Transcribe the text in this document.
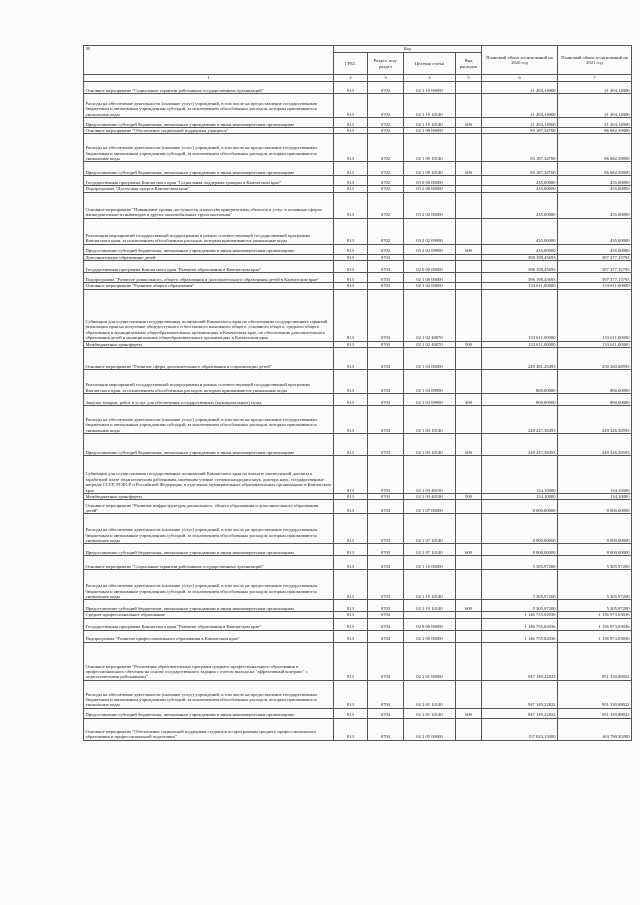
30	Код				Плановый объем ассигнований на 2020 год	Плановый объем ассигнований на 2021 год
	ГРБС	Раздел, под- раздел	Целевая статья	Вид расходов		
1	2	3	4	5	6	7
Основное мероприятие "Социальные гарантии работникам государственных организаций"	813	0702	02 1 10 00000		21 204,14900	21 204,14900
Расходы на обеспечение деятельности (оказание услуг) учреждений, в том числе на предоставление государственным бюджетным и автономным учреждениям субсидий, за исключением обособленных расходов, которым присваиваются уникальные коды	813	0702	02 1 10 10140		21 204,14900	21 204,14900
Предоставление субсидий бюджетным, автономным учреждениям и иным некоммерческим организациям	813	0702	02 1 10 10140	600	21 204,14900	21 204,14900
Основное мероприятие "Обеспечение социальной поддержки учащихся"	813	0702	02 1 09 00000		83 187,34700	86 682,39000
Расходы на обеспечение деятельности (оказание услуг) учреждений, в том числе на предоставление государственным бюджетным и автономным учреждениям субсидий, за исключением обособленных расходов, которым присваиваются уникальные коды	813	0702	02 1 09 10140		83 187,34700	86 682,39000
Предоставление субсидий бюджетным, автономным учреждениям и иным некоммерческим организациям	813	0702	02 1 09 10140	600	83 187,34700	86 682,39000
Государственная программа Камчатского края "Социальная поддержка граждан в Камчатском крае"	813	0702	03 0 00 00000		435,00000	435,00000
Подпрограмма "Доступная среда в Камчатском крае"	813	0702	03 2 00 00000		435,00000	435,00000
Основное мероприятие "Повышение уровня доступности и качества приоритетных объектов и услуг в основных сферах жизнедеятельности инвалидов и других маломобильных групп населения"	813	0702	03 2 02 00000		435,00000	435,00000
Реализация мероприятий государственной подпрограммы в рамках соответствующей государственной программы Камчатского края, за исключением обособленных расходов, которым присваиваются уникальные коды	813	0702	03 2 02 09990		435,00000	435,00000
Предоставление субсидий бюджетным, автономным учреждениям и иным некоммерческим организациям	813	0702	03 2 02 09990	600	435,00000	435,00000
Дополнительное образование детей	813	0703			398 198,45693	397 377,15793
Государственная программа Камчатского края "Развитие образования в Камчатском крае"	813	0703	02 0 00 00000		396 198,45693	397 377,15793
Подпрограмма "Развитие дошкольного, общего образования и дополнительного образования детей в Камчатском крае"	813	0703	02 1 00 00000		396 198,45693	397 377,15793
Основное мероприятие "Развитие общего образования"	813	0703	02 1 02 00000		133 611,00000	133 611,00000
Субвенции для осуществления государственных полномочий Камчатского края по обеспечению государственных гарантий реализации прав на получение общедоступного и бесплатного начального общего, основного общего, среднего общего образования в муниципальных общеобразовательных организациях в Камчатском крае, по обеспечению дополнительного образования детей в муниципальных общеобразовательных организациях в Камчатском крае	813	0703	02 1 02 40070		133 611,00000	133 611,00000
Межбюджетные трансферты	813	0703	02 1 02 40070	500	133 611,00000	133 611,00000
Основное мероприятие "Развитие сферы дополнительного образования и социализации детей"	813	0703	02 1 03 00000		249 381,28493	250 260,68593
Реализация мероприятий государственной подпрограммы в рамках соответствующей государственной программы Камчатского края, за исключением обособленных расходов, которым присваиваются уникальные коды	813	0703	02 1 03 09990		800,00000	800,00000
Закупка товаров, работ и услуг для обеспечения государственных (муниципальных) нужд	813	0703	02 1 03 09990	200	800,00000	800,00000
Расходы на обеспечение деятельности (оказание услуг) учреждений, в том числе на предоставление государственным бюджетным и автономным учреждениям субсидий, за исключением обособленных расходов, которым присваиваются уникальные коды	813	0703	02 1 03 10140		248 247,38493	249 326,38593
Предоставление субсидий бюджетным, автономным учреждениям и иным некоммерческим организациям	813	0703	02 1 03 10140	600	248 247,38493	249 326,38593
Субвенции для осуществления государственных полномочий Камчатского края по выплате ежемесячной доплаты к заработной плате педагогическим работникам, имеющим ученые степени кандидата наук, доктора наук, государственные награды СССР, РСФСР и Российской Федерации, в отдельных муниципальных образовательных организациях в Камчатском крае	813	0703	02 1 03 40190		134,10000	134,10000
Межбюджетные трансферты	813	0703	02 1 03 40190	500	134,10000	134,10000
Основное мероприятие "Развитие инфраструктуры дошкольного, общего образования и дополнительного образования детей"	813	0703	02 1 07 00000		8 000,00000	8 000,00000
Расходы на обеспечение деятельности (оказание услуг) учреждений, в том числе на предоставление государственным бюджетным и автономным учреждениям субсидий, за исключением обособленных расходов, которым присваиваются уникальные коды	813	0703	02 1 07 10140		8 000,00000	8 000,00000
Предоставление субсидий бюджетным, автономным учреждениям и иным некоммерческим организациям	813	0703	02 1 07 10140	600	8 000,00000	8 000,00000
Основное мероприятие "Социальные гарантии работникам государственных организаций"	813	0703	02 1 10 00000		5 305,97200	5 305,97200
Расходы на обеспечение деятельности (оказание услуг) учреждений, в том числе на предоставление государственным бюджетным и автономным учреждениям субсидий, за исключением обособленных расходов, которым присваиваются уникальные коды	813	0703	02 1 10 10140		5 305,97200	5 305,97200
Предоставление субсидий бюджетным, автономным учреждениям и иным некоммерческим организациям	813	0703	02 1 10 10140	600	5 305,97200	5 305,97200
Среднее профессиональное образование	813	0704			1 146 755,02036	1 156 973,03036
Государственная программа Камчатского края "Развитие образования в Камчатском крае"	813	0704	02 0 00 00000		1 146 755,02036	1 156 973,03036
Подпрограмма "Развитие профессионального образования в Камчатском крае"	813	0704	02 2 00 00000		1 146 755,02036	1 156 973,03036
Основное мероприятие "Реализация образовательных программ среднего профессионального образования и профессионального обучения на основе государственного задания с учетом выхода на "эффективный контракт" с педагогическими работниками"	813	0704	02 2 01 00000		947 149,22822	951 330,88022
Расходы на обеспечение деятельности (оказание услуг) учреждений, в том числе на предоставление государственным бюджетным и автономным учреждениям субсидий, за исключением обособленных расходов, которым присваиваются уникальные коды	813	0704	02 2 01 10140		947 149,22822	951 330,88022
Предоставление субсидий бюджетным, автономным учреждениям и иным некоммерческим организациям	813	0704	02 2 01 10140	600	947 149,22822	951 330,88022
Основное мероприятие "Обеспечение социальной поддержки студентов по программам среднего профессионального образования и профессиональной подготовки"	813	0704	02 2 05 00000		157 023,15000	163 790,30200
